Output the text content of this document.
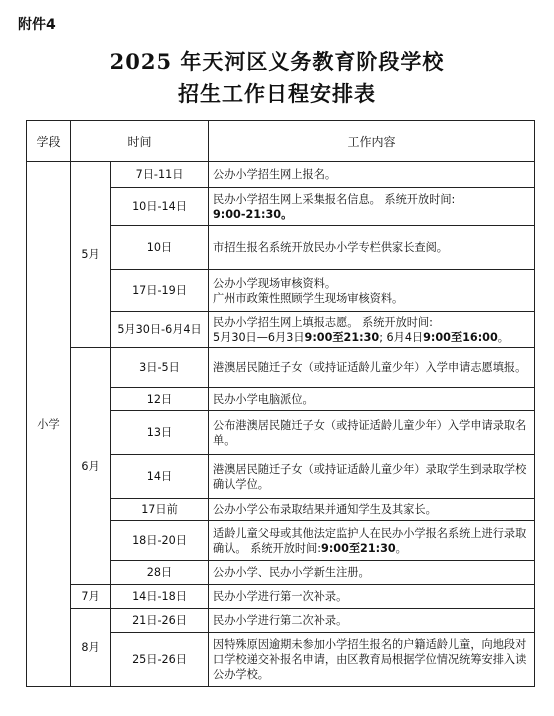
附件4
2025 年天河区义务教育阶段学校
招生工作日程安排表
学段	时间		工作内容
小学	5月	7日-11日	公办小学招生网上报名。
		10日-14日	民办小学招生网上采集报名信息。 系统开放时间:
9:00-21:30。
		10日	市招生报名系统开放民办小学专栏供家长查阅。
		17日-19日	公办小学现场审核资料。
广州市政策性照顾学生现场审核资料。
		5月30日-6月4日	民办小学招生网上填报志愿。 系统开放时间:
5月30日—6月3日9:00至21:30; 6月4日9:00至16:00。
	6月	3日-5日	港澳居民随迁子女（或持证适龄儿童少年）入学申请志愿填报。
		12日	民办小学电脑派位。
		13日	公布港澳居民随迁子女（或持证适龄儿童少年）入学申请录取名单。
		14日	港澳居民随迁子女（或持证适龄儿童少年）录取学生到录取学校确认学位。
		17日前	公办小学公布录取结果并通知学生及其家长。
		18日-20日	适龄儿童父母或其他法定监护人在民办小学报名系统上进行录取确认。 系统开放时间:9:00至21:30。
		28日	公办小学、民办小学新生注册。
	7月	14日-18日	民办小学进行第一次补录。
	8月	21日-26日	民办小学进行第二次补录。
		25日-26日	因特殊原因逾期未参加小学招生报名的户籍适龄儿童，向地段对口学校递交补报名申请，由区教育局根据学位情况统筹安排入读公办学校。
